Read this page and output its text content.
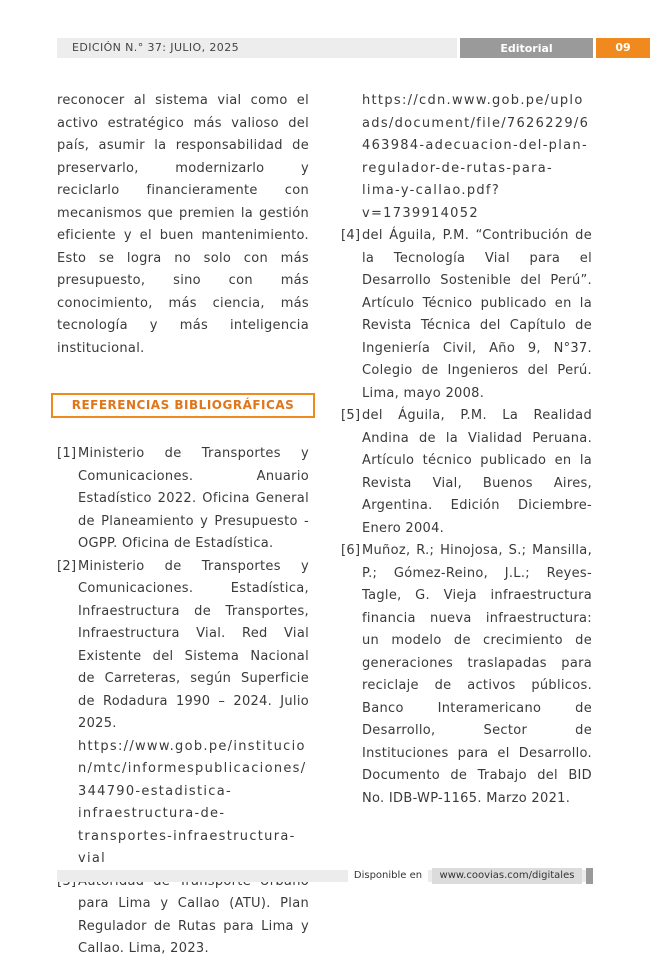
EDICIÓN N.° 37: JULIO, 2025	Editorial	09

reconocer al sistema vial como el activo estratégico más valioso del país, asumir la responsabilidad de preservarlo, modernizarlo y reciclarlo financieramente con mecanismos que premien la gestión eficiente y el buen mantenimiento. Esto se logra no solo con más presupuesto, sino con más conocimiento, más ciencia, más tecnología y más inteligencia institucional.

REFERENCIAS BIBLIOGRÁFICAS
[1] Ministerio de Transportes y Comunicaciones. Anuario Estadístico 2022. Oficina General de Planeamiento y Presupuesto - OGPP. Oficina de Estadística.
[2] Ministerio de Transportes y Comunicaciones. Estadística, Infraestructura de Transportes, Infraestructura Vial. Red Vial Existente del Sistema Nacional de Carreteras, según Superficie de Rodadura 1990 – 2024. Julio 2025. https://www.gob.pe/institucion/mtc/informespublicaciones/344790-estadistica-infraestructura-de-transportes-infraestructura-vial
para Lima y Callao (ATU). Plan Regulador de Rutas para Lima y Callao. Lima, 2023.
https://cdn.www.gob.pe/uploads/document/file/7626229/6463984-adecuacion-del-plan-regulador-de-rutas-para-lima-y-callao.pdf?v=1739914052
[4] del Águila, P.M. “Contribución de la Tecnología Vial para el Desarrollo Sostenible del Perú”. Artículo Técnico publicado en la Revista Técnica del Capítulo de Ingeniería Civil, Año 9, N°37. Colegio de Ingenieros del Perú. Lima, mayo 2008.
[5] del Águila, P.M. La Realidad Andina de la Vialidad Peruana. Artículo técnico publicado en la Revista Vial, Buenos Aires, Argentina. Edición Diciembre-Enero 2004.
[6] Muñoz, R.; Hinojosa, S.; Mansilla, P.; Gómez-Reino, J.L.; Reyes-Tagle, G. Vieja infraestructura financia nueva infraestructura: un modelo de crecimiento de generaciones traslapadas para reciclaje de activos públicos. Banco Interamericano de Desarrollo, Sector de Instituciones para el Desarrollo. Documento de Trabajo del BID No. IDB-WP-1165. Marzo 2021.
Disponible en	www.coovias.com/digitales
